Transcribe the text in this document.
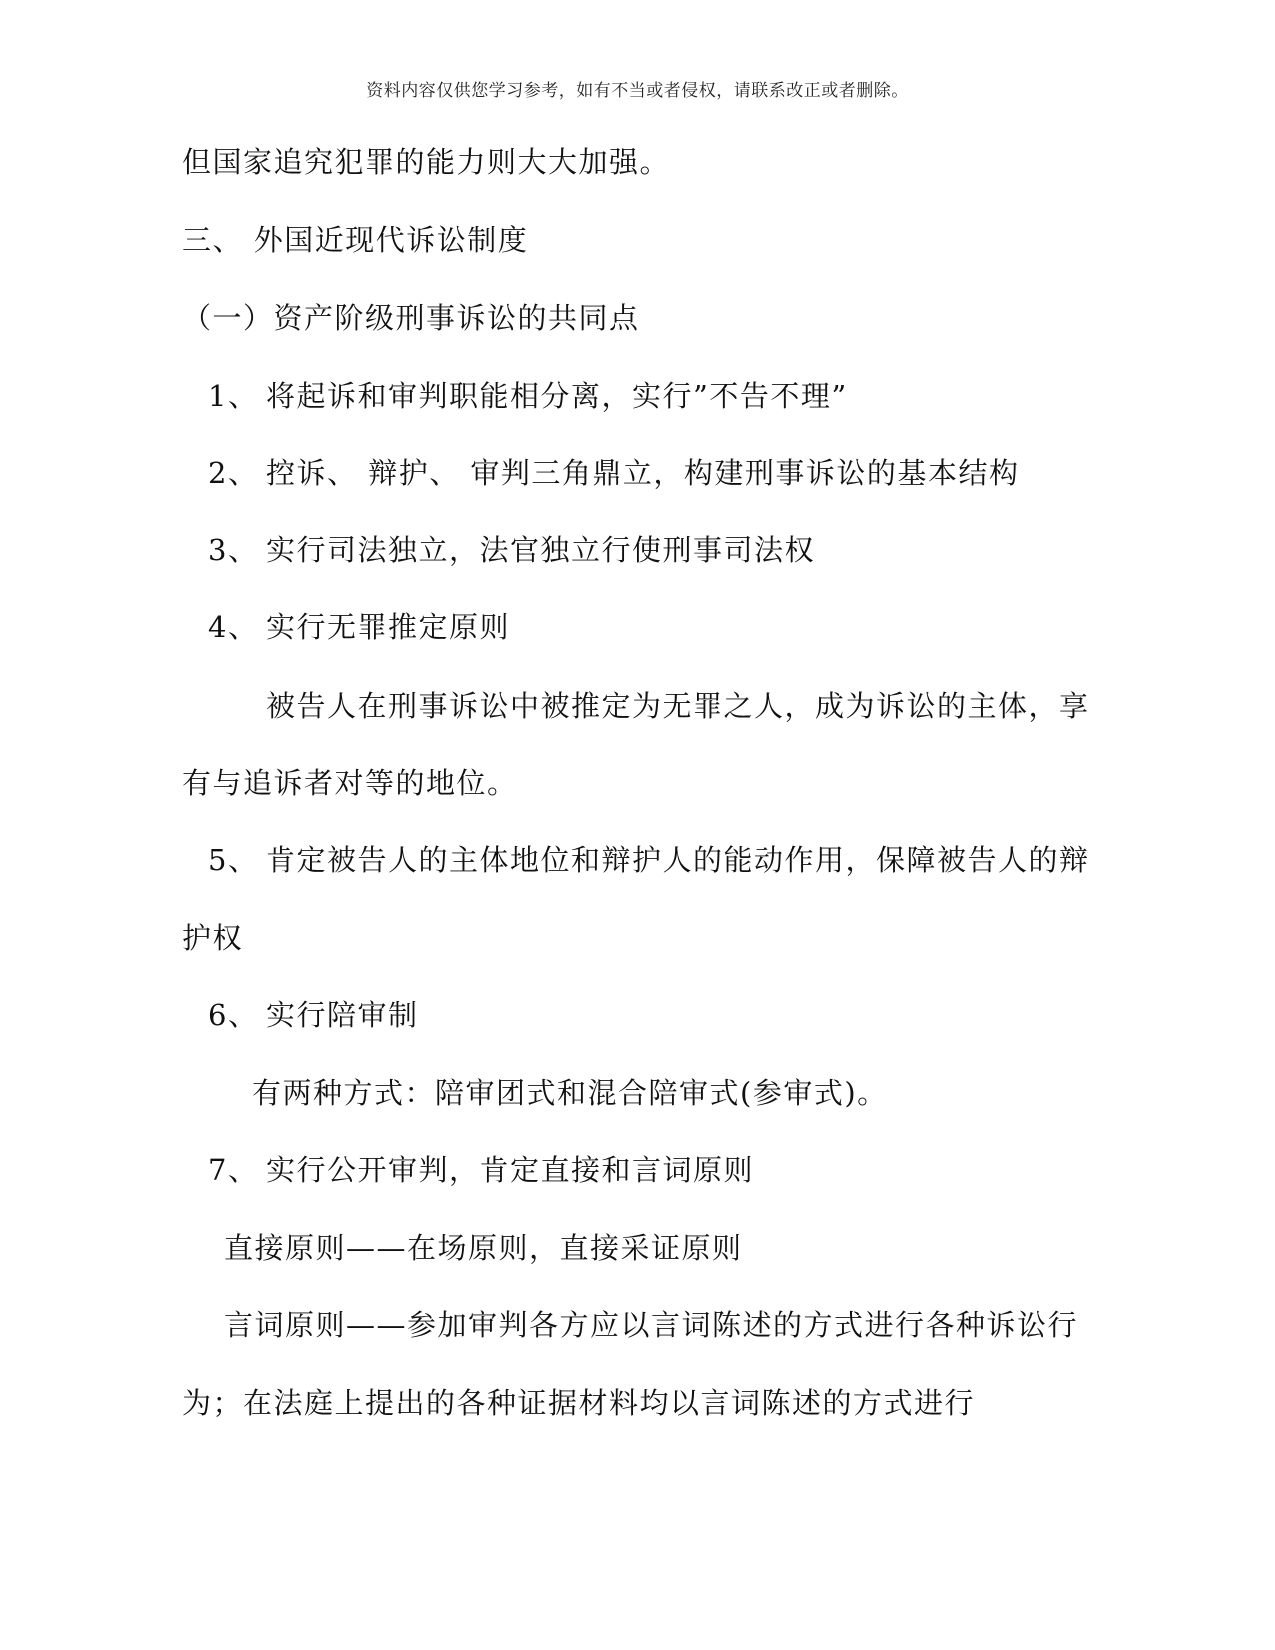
资料内容仅供您学习参考，如有不当或者侵权，请联系改正或者删除。
但国家追究犯罪的能力则大大加强。
三、 外国近现代诉讼制度
（一）资产阶级刑事诉讼的共同点
1、 将起诉和审判职能相分离，实行”不告不理”
2、 控诉、 辩护、 审判三角鼎立，构建刑事诉讼的基本结构
3、 实行司法独立，法官独立行使刑事司法权
4、 实行无罪推定原则
被告人在刑事诉讼中被推定为无罪之人，成为诉讼的主体，享
有与追诉者对等的地位。
5、 肯定被告人的主体地位和辩护人的能动作用，保障被告人的辩
护权
6、 实行陪审制
有两种方式：陪审团式和混合陪审式(参审式)。
7、 实行公开审判，肯定直接和言词原则
直接原则——在场原则，直接采证原则
言词原则——参加审判各方应以言词陈述的方式进行各种诉讼行
为；在法庭上提出的各种证据材料均以言词陈述的方式进行
